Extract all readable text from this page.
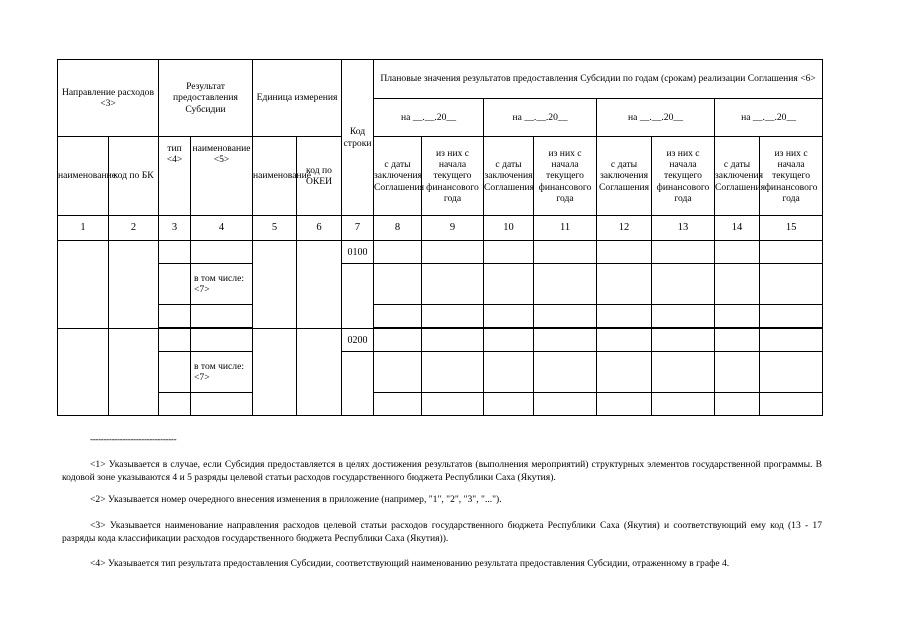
Направление расходов <3>		Результат предоставления Субсидии		Единица измерения		Код строки	Плановые значения результатов предоставления Субсидии по годам (срокам) реализации Соглашения <6>							
							на __.__.20__		на __.__.20__		на __.__.20__		на __.__.20__	
наименование	код по БК	тип <4>	наименование <5>	наименование	код по ОКЕИ		с даты заключения Соглашения	из них с начала текущего финансового года	с даты заключения Соглашения	из них с начала текущего финансового года	с даты заключения Соглашения	из них с начала текущего финансового года	с даты заключения Соглашения	из них с начала текущего финансового года
1	2	3	4	5	6	7	8	9	10	11	12	13	14	15
						0100								
			в том числе: <7>											

						0200								
			в том числе: <7>											

--------------------------------
<1> Указывается в случае, если Субсидия предоставляется в целях достижения результатов (выполнения мероприятий) структурных элементов государственной программы. В кодовой зоне указываются 4 и 5 разряды целевой статьи расходов государственного бюджета Республики Саха (Якутия).
<2> Указывается номер очередного внесения изменения в приложение (например, "1", "2", "3", "...").
<3> Указывается наименование направления расходов целевой статьи расходов государственного бюджета Республики Саха (Якутия) и соответствующий ему код (13 - 17 разряды кода классификации расходов государственного бюджета Республики Саха (Якутия)).
<4> Указывается тип результата предоставления Субсидии, соответствующий наименованию результата предоставления Субсидии, отраженному в графе 4.
